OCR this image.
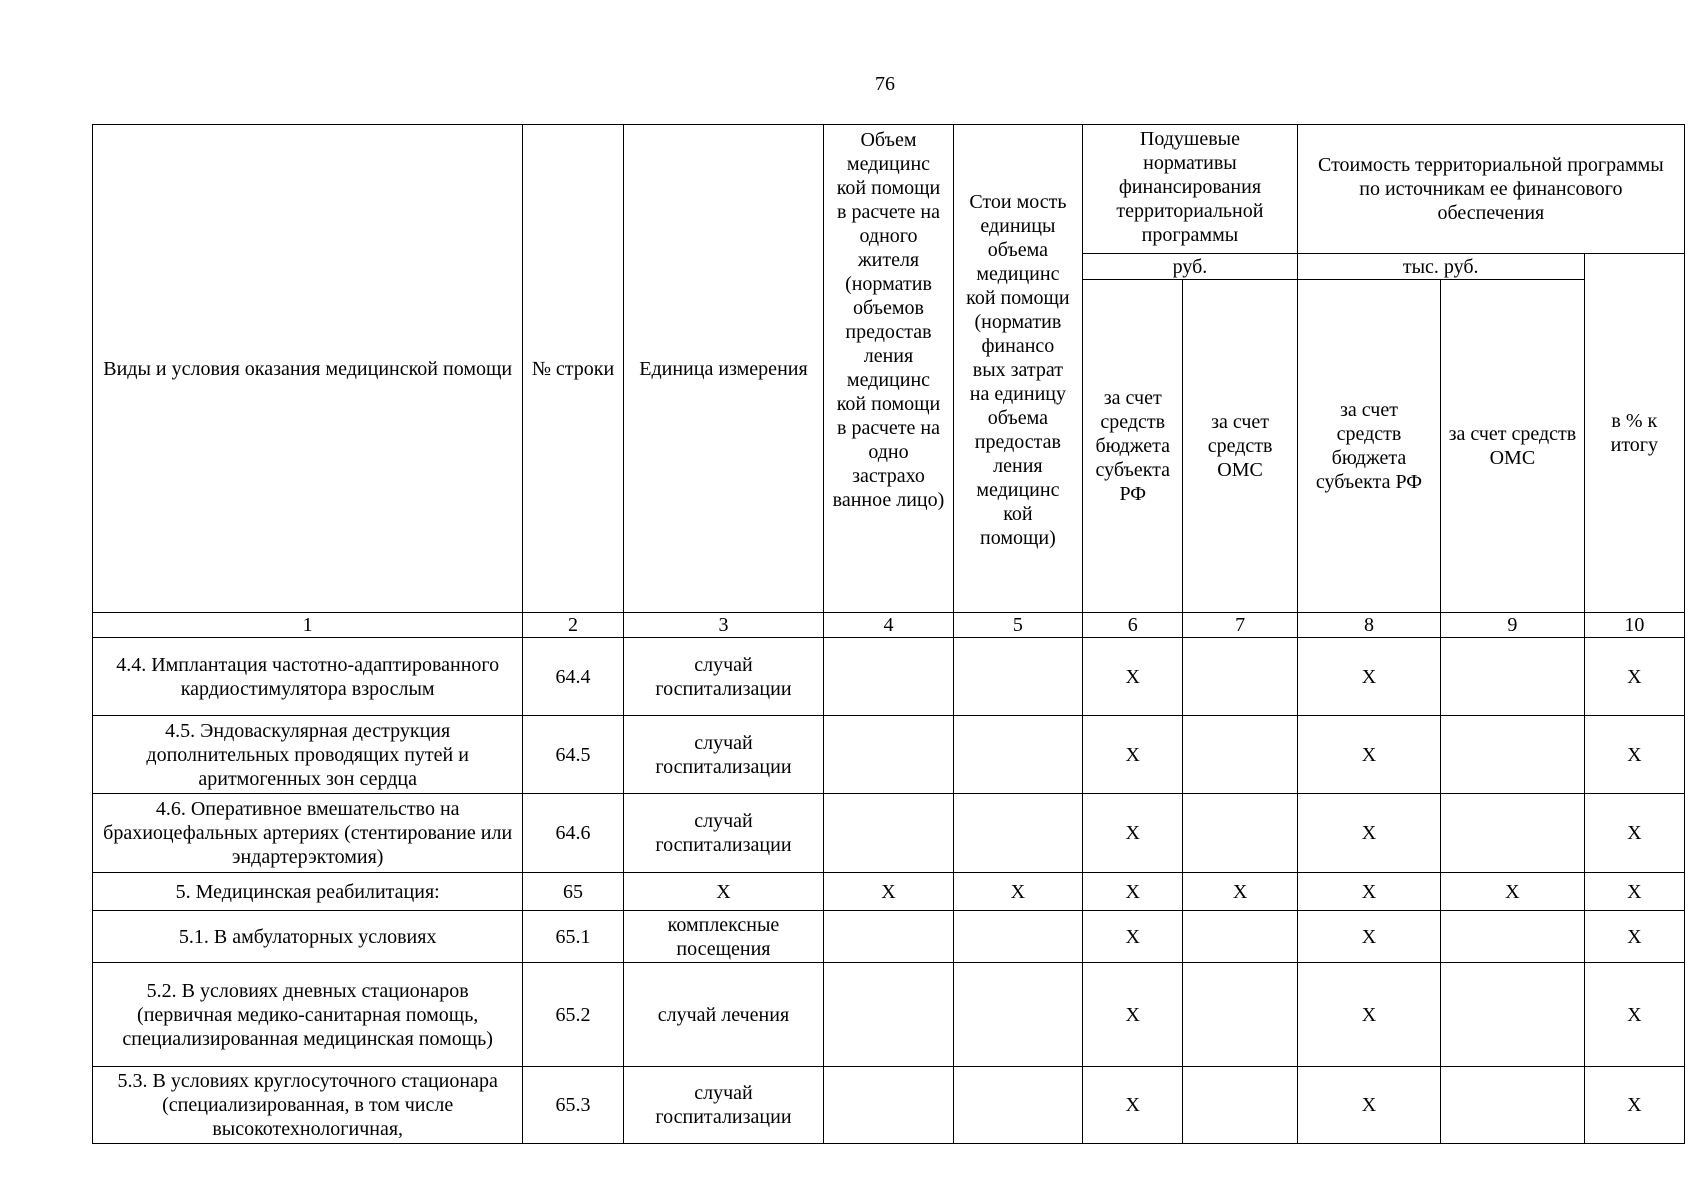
76
Виды и условия оказания медицинской помощи	№ строки	Единица измерения	Объем медицинс кой помощи в расчете на одного жителя (норматив объемов предостав ления медицинс кой помощи в расчете на одно застрахо ванное лицо)	Стои мость единицы объема медицинс кой помощи (норматив финансо вых затрат на единицу объема предостав ления медицинс кой помощи)	Подушевые нормативы финансирования территориальной программы		Стоимость территориальной программы по источникам ее финансового обеспечения		
					руб.		тыс. руб.		в % к итогу
					за счет средств бюджета субъекта РФ	за счет средств ОМС	за счет средств бюджета субъекта РФ	за счет средств ОМС	
1	2	3	4	5	6	7	8	9	10
4.4. Имплантация частотно-адаптированного кардиостимулятора взрослым	64.4	случай госпитализации			X		X		X
4.5. Эндоваскулярная деструкция дополнительных проводящих путей и аритмогенных зон сердца	64.5	случай госпитализации			X		X		X
4.6. Оперативное вмешательство на брахиоцефальных артериях (стентирование или эндартерэктомия)	64.6	случай госпитализации			X		X		X
5. Медицинская реабилитация:	65	X	X	X	X	X	X	X	X
5.1. В амбулаторных условиях	65.1	комплексные посещения			X		X		X
5.2. В условиях дневных стационаров (первичная медико-санитарная помощь, специализированная медицинская помощь)	65.2	случай лечения			X		X		X
5.3. В условиях круглосуточного стационара (специализированная, в том числе высокотехнологичная,	65.3	случай госпитализации			X		X		X
